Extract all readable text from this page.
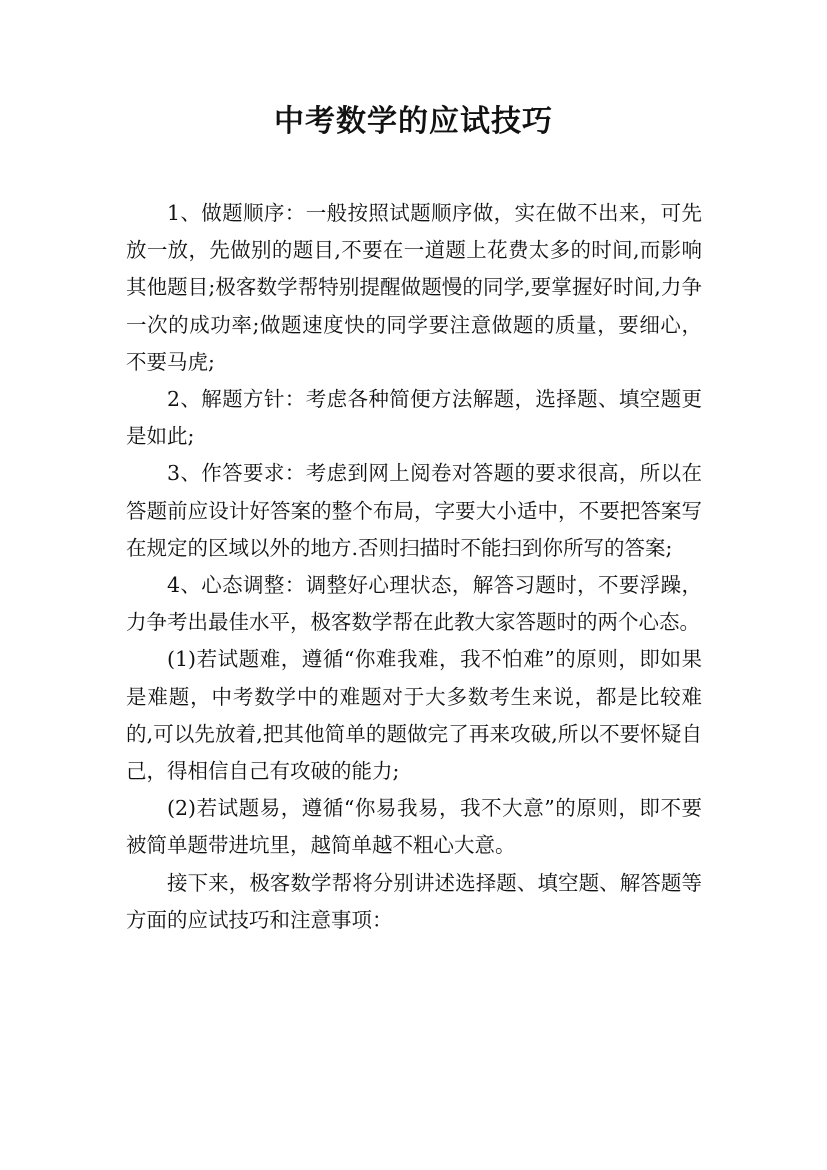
中考数学的应试技巧

1、做题顺序：一般按照试题顺序做，实在做不出来，可先放一放，先做别的题目,不要在一道题上花费太多的时间,而影响其他题目;极客数学帮特别提醒做题慢的同学,要掌握好时间,力争一次的成功率;做题速度快的同学要注意做题的质量，要细心，不要马虎;

2、解题方针：考虑各种简便方法解题，选择题、填空题更是如此;

3、作答要求：考虑到网上阅卷对答题的要求很高，所以在答题前应设计好答案的整个布局，字要大小适中，不要把答案写在规定的区域以外的地方.否则扫描时不能扫到你所写的答案;

4、心态调整：调整好心理状态，解答习题时，不要浮躁，力争考出最佳水平，极客数学帮在此教大家答题时的两个心态。

(1)若试题难，遵循“你难我难，我不怕难”的原则，即如果是难题，中考数学中的难题对于大多数考生来说，都是比较难的,可以先放着,把其他简单的题做完了再来攻破,所以不要怀疑自己，得相信自己有攻破的能力;

(2)若试题易，遵循“你易我易，我不大意”的原则，即不要被简单题带进坑里，越简单越不粗心大意。

接下来，极客数学帮将分别讲述选择题、填空题、解答题等方面的应试技巧和注意事项：
